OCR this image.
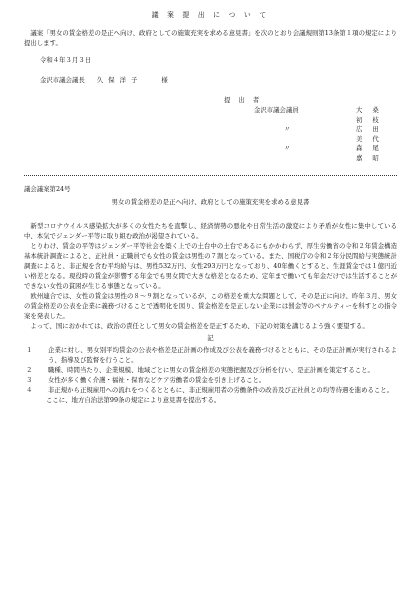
議 案 提 出 に つ い て

議案「男女の賃金格差の是正へ向け、政府としての施策充実を求める意見書」を次のとおり会議規則第13条第１項の規定により提出します。

令和４年３月３日
金沢市議会議長 久 保 洋 子	様
提 出 者
金沢市議会議員	大 桑 初 枝
〃	広 田 美 代
〃	森 尾 嘉 昭
議会議案第24号
男女の賃金格差の是正へ向け、政府としての施策充実を求める意見書

新型コロナウイルス感染拡大が多くの女性たちを直撃し、経済情勢の悪化や日常生活の激変により矛盾が女性に集中している中、本気でジェンダー平等に取り組む政治が渇望されている。

とりわけ、賃金の平等はジェンダー平等社会を築く上での土台中の土台であるにもかかわらず、厚生労働省の令和２年賃金構造基本統計調査によると、正社員・正職員でも女性の賃金は男性の７割となっている。また、国税庁の令和２年分民間給与実態統計調査によると、非正規を含む平均給与は、男性532万円、女性293万円となっており、40年働くとすると、生涯賃金では１億円近い格差となる。現役時の賃金が影響する年金でも男女間で大きな格差となるため、定年まで働いても年金だけでは生活することができない女性の貧困が生じる事態となっている。

欧州連合では、女性の賃金は男性の８～９割となっているが、この格差を重大な問題として、その是正に向け、昨年３月、男女の賃金格差の公表を企業に義務づけることで透明化を図り、賃金格差を是正しない企業には罰金等のペナルティーを科すとの指令案を発表した。

よって、国におかれては、政治の責任として男女の賃金格差を是正するため、下記の対策を講じるよう強く要望する。

記
１	企業に対し、男女別平均賃金の公表や格差是正計画の作成及び公表を義務づけるとともに、その是正計画が実行されるよう、指導及び監督を行うこと。
２	職種、時間当たり、企業規模、地域ごとに男女の賃金格差の実態把握及び分析を行い、是正計画を策定すること。
３	女性が多く働く介護・福祉・保育などケア労働者の賃金を引き上げること。
４	非正規から正規雇用への流れをつくるとともに、非正規雇用者の労働条件の改善及び正社員との均等待遇を進めること。
ここに、地方自治法第99条の規定により意見書を提出する。
